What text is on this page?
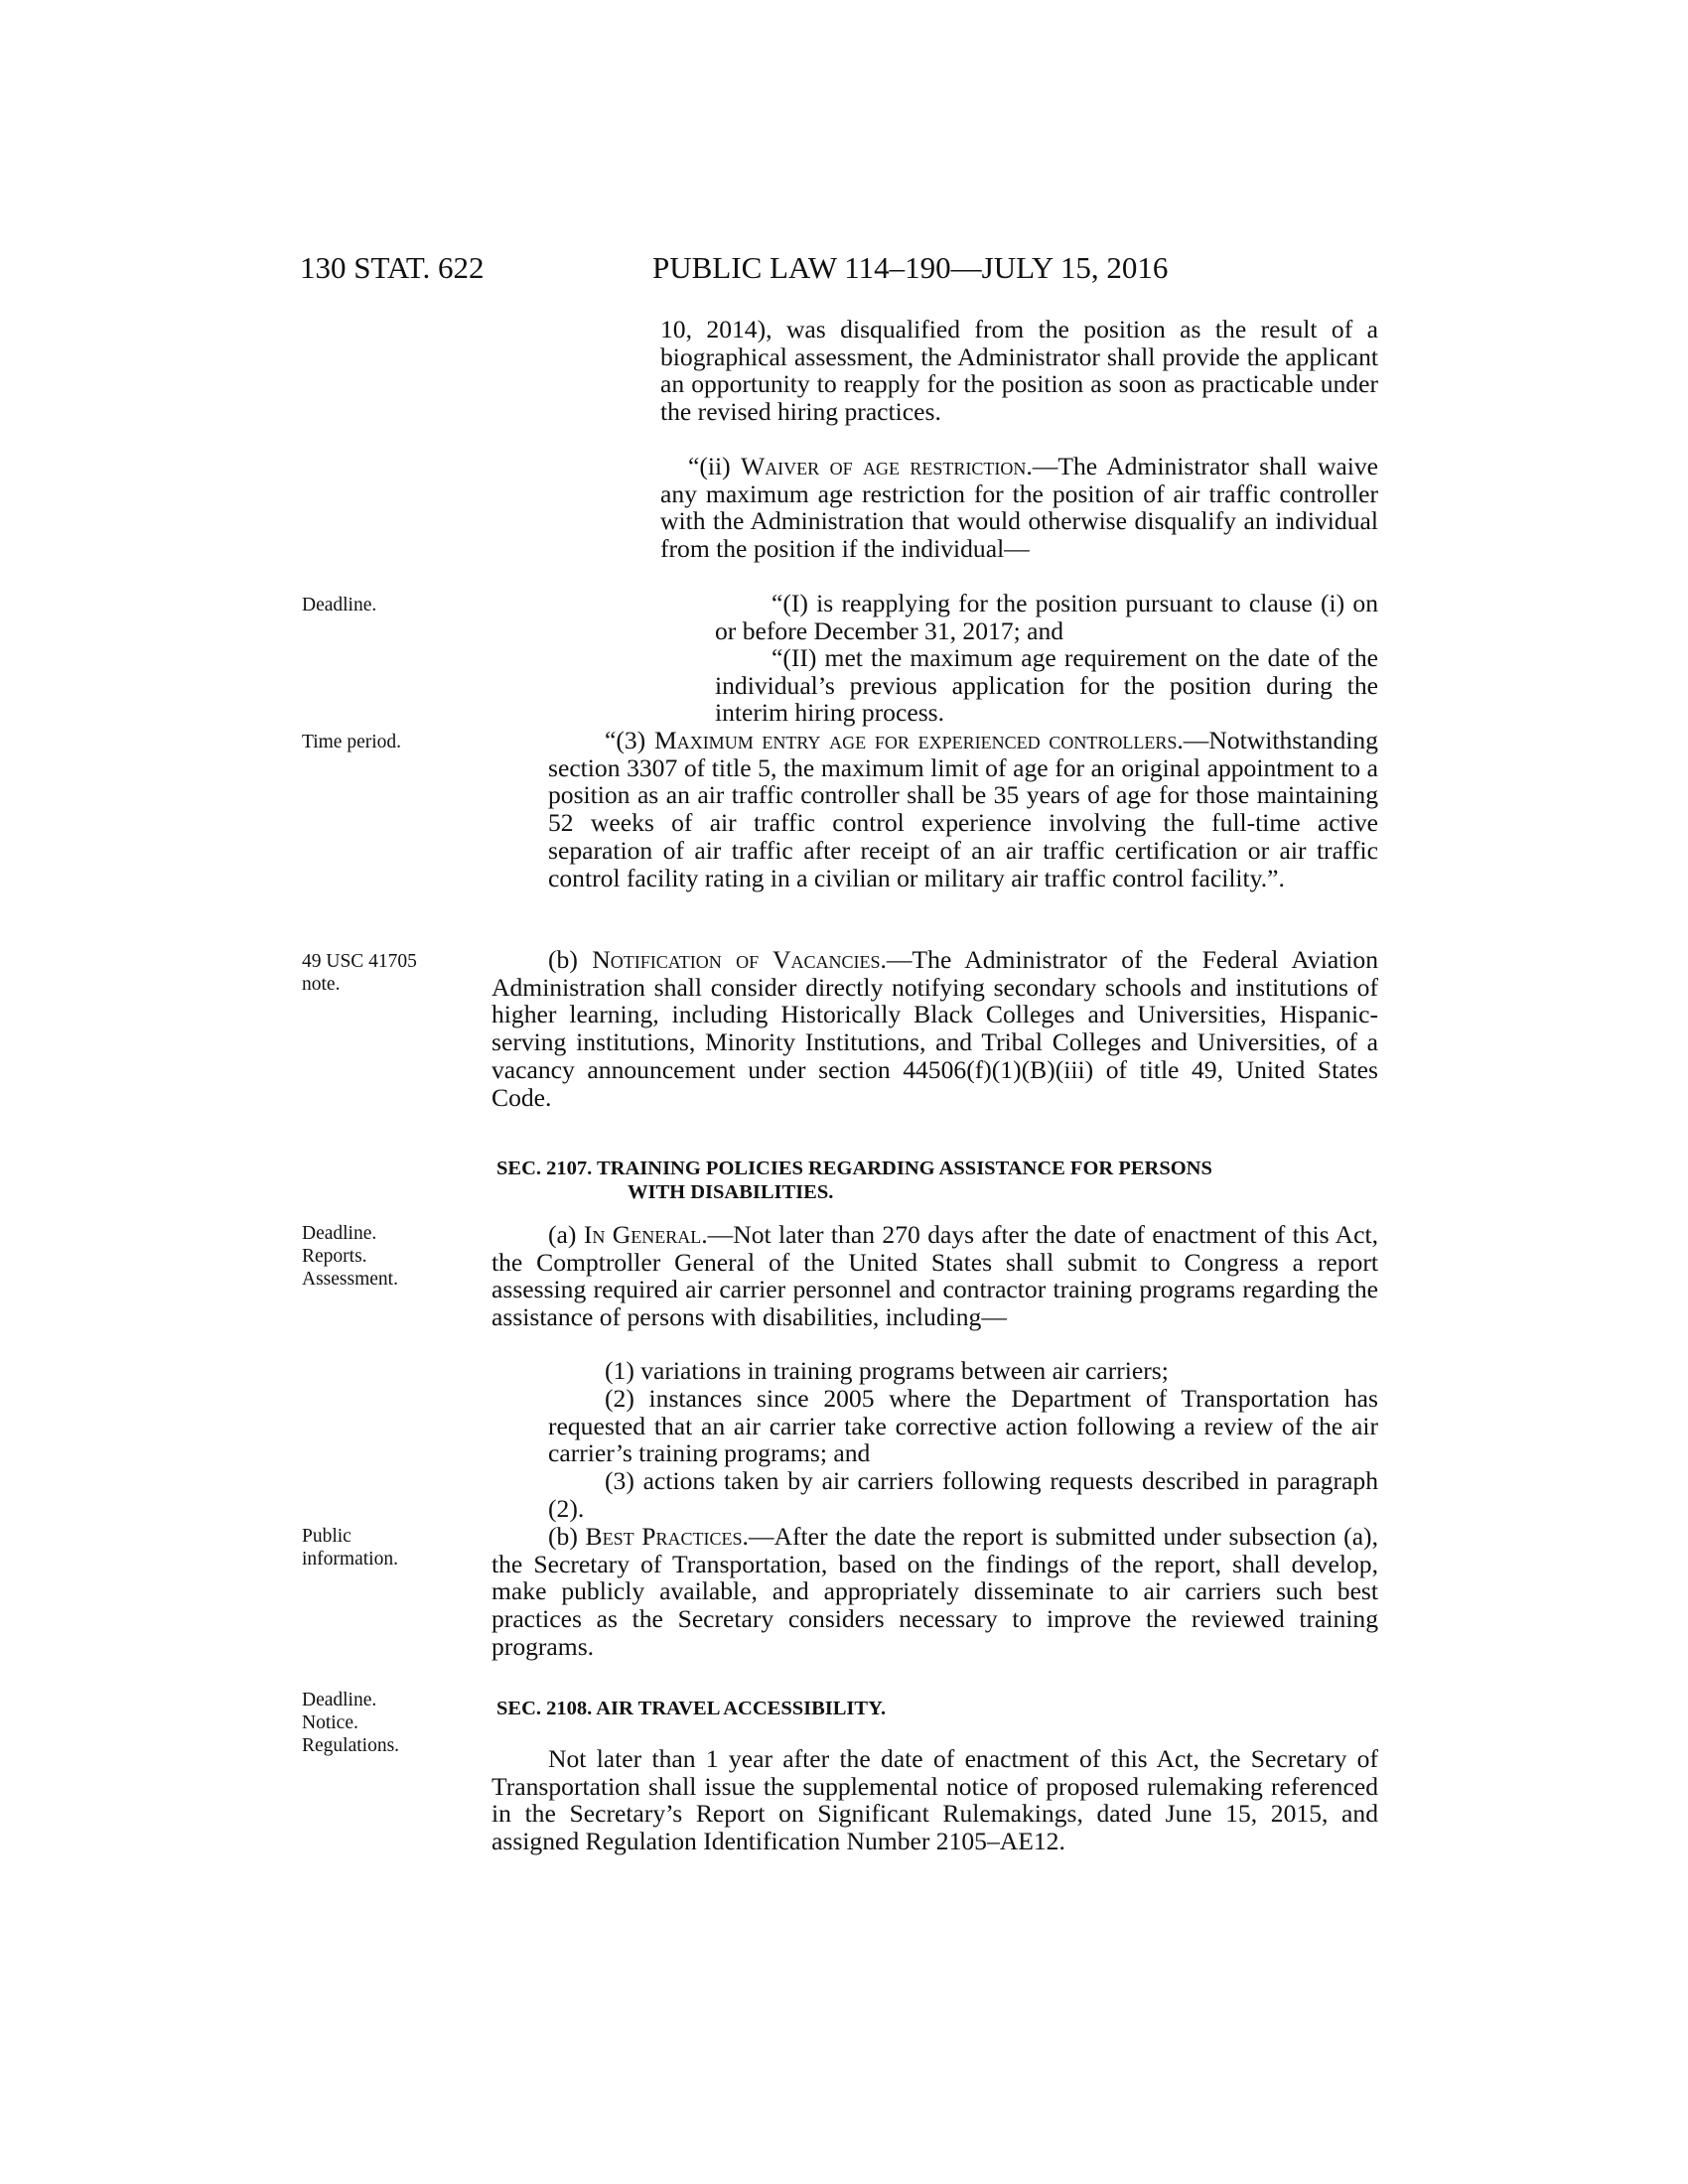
130 STAT. 622	PUBLIC LAW 114–190—JULY 15, 2016
Deadline.
Time period.
49 USC 41705
note.
Deadline.
Reports.
Assessment.
Public
information.
Deadline.
Notice.
Regulations.
10, 2014), was disqualified from the position as the result of a biographical assessment, the Administrator shall provide the applicant an opportunity to reapply for the position as soon as practicable under the revised hiring practices.
“(ii) Waiver of age restriction.—The Administrator shall waive any maximum age restriction for the position of air traffic controller with the Administration that would otherwise disqualify an individual from the position if the individual—
“(I) is reapplying for the position pursuant to clause (i) on or before December 31, 2017; and
“(II) met the maximum age requirement on the date of the individual’s previous application for the position during the interim hiring process.
“(3) Maximum entry age for experienced controllers.—Notwithstanding section 3307 of title 5, the maximum limit of age for an original appointment to a position as an air traffic controller shall be 35 years of age for those maintaining 52 weeks of air traffic control experience involving the full-time active separation of air traffic after receipt of an air traffic certification or air traffic control facility rating in a civilian or military air traffic control facility.”.
(b) Notification of Vacancies.—The Administrator of the Federal Aviation Administration shall consider directly notifying secondary schools and institutions of higher learning, including Historically Black Colleges and Universities, Hispanic-serving institutions, Minority Institutions, and Tribal Colleges and Universities, of a vacancy announcement under section 44506(f)(1)(B)(iii) of title 49, United States Code.
SEC. 2107. TRAINING POLICIES REGARDING ASSISTANCE FOR PERSONS
WITH DISABILITIES.
(a) In General.—Not later than 270 days after the date of enactment of this Act, the Comptroller General of the United States shall submit to Congress a report assessing required air carrier personnel and contractor training programs regarding the assistance of persons with disabilities, including—
(1) variations in training programs between air carriers;
(2) instances since 2005 where the Department of Transportation has requested that an air carrier take corrective action following a review of the air carrier’s training programs; and
(3) actions taken by air carriers following requests described in paragraph (2).
(b) Best Practices.—After the date the report is submitted under subsection (a), the Secretary of Transportation, based on the findings of the report, shall develop, make publicly available, and appropriately disseminate to air carriers such best practices as the Secretary considers necessary to improve the reviewed training programs.
SEC. 2108. AIR TRAVEL ACCESSIBILITY.
Not later than 1 year after the date of enactment of this Act, the Secretary of Transportation shall issue the supplemental notice of proposed rulemaking referenced in the Secretary’s Report on Significant Rulemakings, dated June 15, 2015, and assigned Regulation Identification Number 2105–AE12.
